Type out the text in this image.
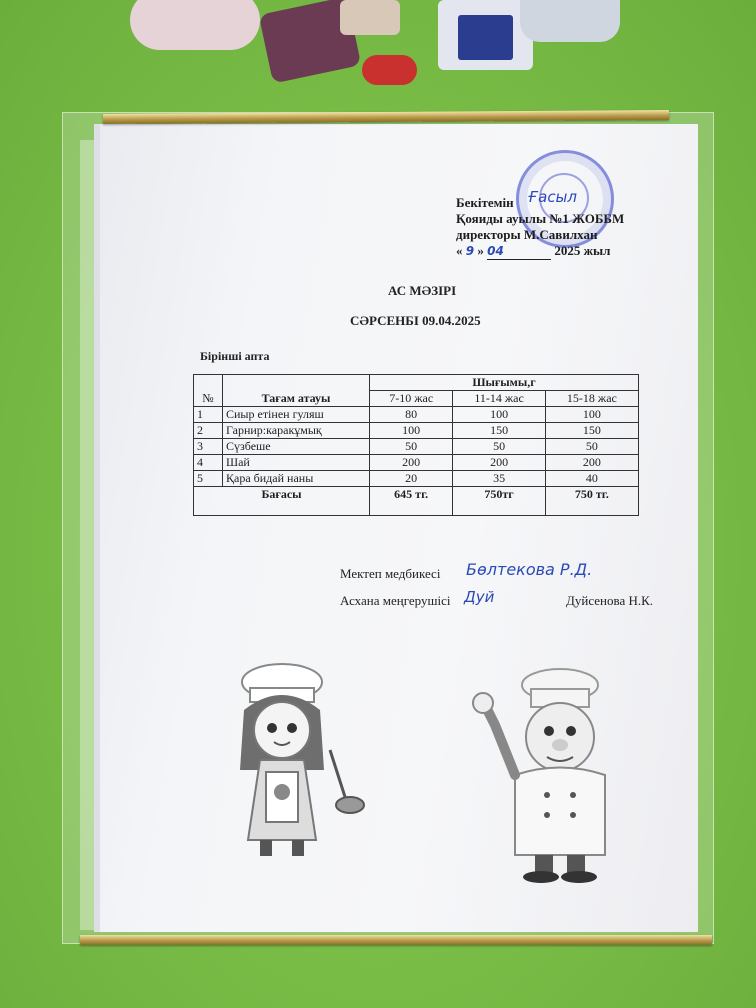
Бекітемін
Қояиды ауылы №1 ЖОББМ
директоры М.Савилхан
« 9 » 04	2025 жыл
Ғасыл
АС МӘЗІРІ
СӘРСЕНБІ 09.04.2025
Бірінші апта
№	Тағам атауы	Шығымы,г		
		7-10 жас	11-14 жас	15-18 жас
1	Сиыр етінен гуляш	80	100	100
2	Гарнир:каракұмық	100	150	150
3	Сүзбеше	50	50	50
4	Шай	200	200	200
5	Қара бидай наны	20	35	40
Бағасы		645 тг.	750тг	750 тг.
Мектеп медбикесі Бөлтекова Р.Д.
Асхана меңгерушісі Дуй	Дуйсенова Н.К.
